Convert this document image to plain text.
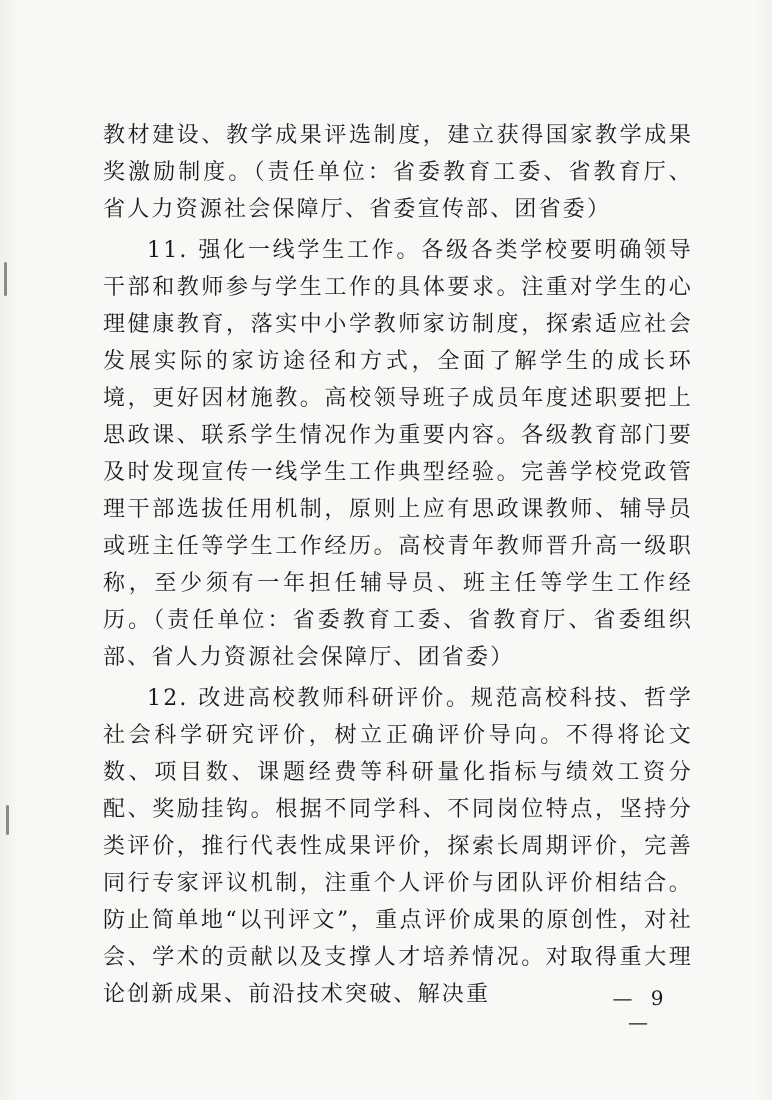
教材建设、教学成果评选制度，建立获得国家教学成果奖激励制度。（责任单位：省委教育工委、省教育厅、省人力资源社会保障厅、省委宣传部、团省委）

11. 强化一线学生工作。各级各类学校要明确领导干部和教师参与学生工作的具体要求。注重对学生的心理健康教育，落实中小学教师家访制度，探索适应社会发展实际的家访途径和方式，全面了解学生的成长环境，更好因材施教。高校领导班子成员年度述职要把上思政课、联系学生情况作为重要内容。各级教育部门要及时发现宣传一线学生工作典型经验。完善学校党政管理干部选拔任用机制，原则上应有思政课教师、辅导员或班主任等学生工作经历。高校青年教师晋升高一级职称，至少须有一年担任辅导员、班主任等学生工作经历。（责任单位：省委教育工委、省教育厅、省委组织部、省人力资源社会保障厅、团省委）

12. 改进高校教师科研评价。规范高校科技、哲学社会科学研究评价，树立正确评价导向。不得将论文数、项目数、课题经费等科研量化指标与绩效工资分配、奖励挂钩。根据不同学科、不同岗位特点，坚持分类评价，推行代表性成果评价，探索长周期评价，完善同行专家评议机制，注重个人评价与团队评价相结合。防止简单地“以刊评文”，重点评价成果的原创性，对社会、学术的贡献以及支撑人才培养情况。对取得重大理论创新成果、前沿技术突破、解决重	— 9 —
